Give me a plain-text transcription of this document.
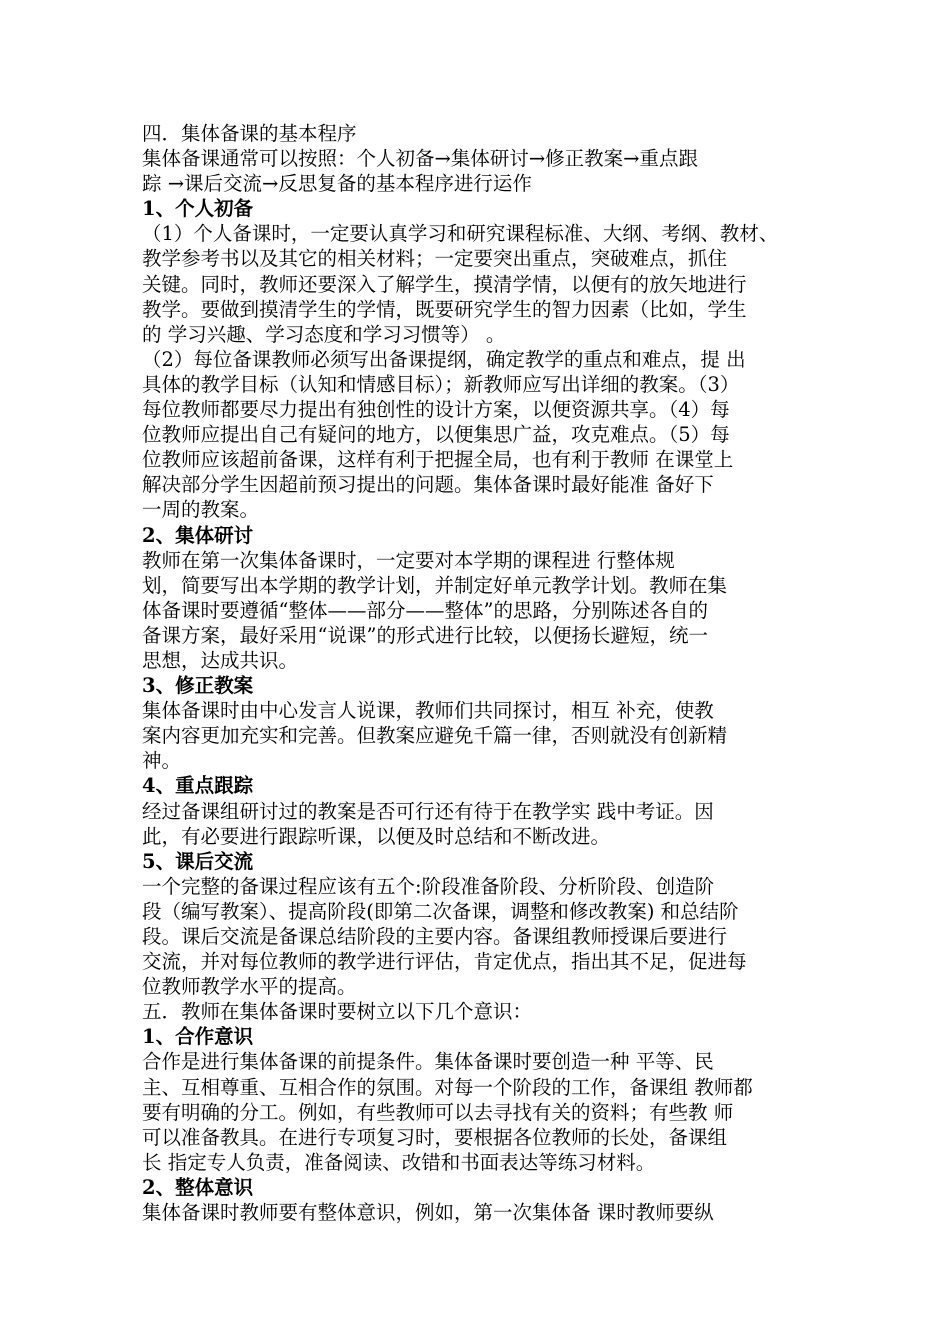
四．集体备课的基本程序
集体备课通常可以按照：个人初备→集体研讨→修正教案→重点跟
踪 →课后交流→反思复备的基本程序进行运作
1、个人初备
（1）个人备课时，一定要认真学习和研究课程标准、大纲、考纲、教材、
教学参考书以及其它的相关材料；一定要突出重点，突破难点，抓住
关键。同时，教师还要深入了解学生，摸清学情，以便有的放矢地进行
教学。要做到摸清学生的学情，既要研究学生的智力因素（比如，学生
的 学习兴趣、学习态度和学习习惯等） 。
（2）每位备课教师必须写出备课提纲，确定教学的重点和难点，提 出
具体的教学目标（认知和情感目标）；新教师应写出详细的教案。（3）
每位教师都要尽力提出有独创性的设计方案，以便资源共享。（4）每
位教师应提出自己有疑问的地方，以便集思广益，攻克难点。（5）每
位教师应该超前备课，这样有利于把握全局，也有利于教师 在课堂上
解决部分学生因超前预习提出的问题。集体备课时最好能准 备好下
一周的教案。
2、集体研讨
教师在第一次集体备课时，一定要对本学期的课程进 行整体规
划，简要写出本学期的教学计划，并制定好单元教学计划。教师在集
体备课时要遵循“整体——部分——整体”的思路，分别陈述各自的
备课方案，最好采用“说课”的形式进行比较，以便扬长避短，统一
思想，达成共识。
3、修正教案
集体备课时由中心发言人说课，教师们共同探讨，相互 补充，使教
案内容更加充实和完善。但教案应避免千篇一律，否则就没有创新精
神。
4、重点跟踪
经过备课组研讨过的教案是否可行还有待于在教学实 践中考证。因
此，有必要进行跟踪听课，以便及时总结和不断改进。
5、课后交流
一个完整的备课过程应该有五个:阶段准备阶段、分析阶段、创造阶
段（编写教案）、提高阶段(即第二次备课，调整和修改教案) 和总结阶
段。课后交流是备课总结阶段的主要内容。备课组教师授课后要进行
交流，并对每位教师的教学进行评估，肯定优点，指出其不足，促进每
位教师教学水平的提高。
五．教师在集体备课时要树立以下几个意识：
1、合作意识
合作是进行集体备课的前提条件。集体备课时要创造一种 平等、民
主、互相尊重、互相合作的氛围。对每一个阶段的工作，备课组 教师都
要有明确的分工。例如，有些教师可以去寻找有关的资料；有些教 师
可以准备教具。在进行专项复习时，要根据各位教师的长处，备课组
长 指定专人负责，准备阅读、改错和书面表达等练习材料。
2、整体意识
集体备课时教师要有整体意识，例如，第一次集体备 课时教师要纵
